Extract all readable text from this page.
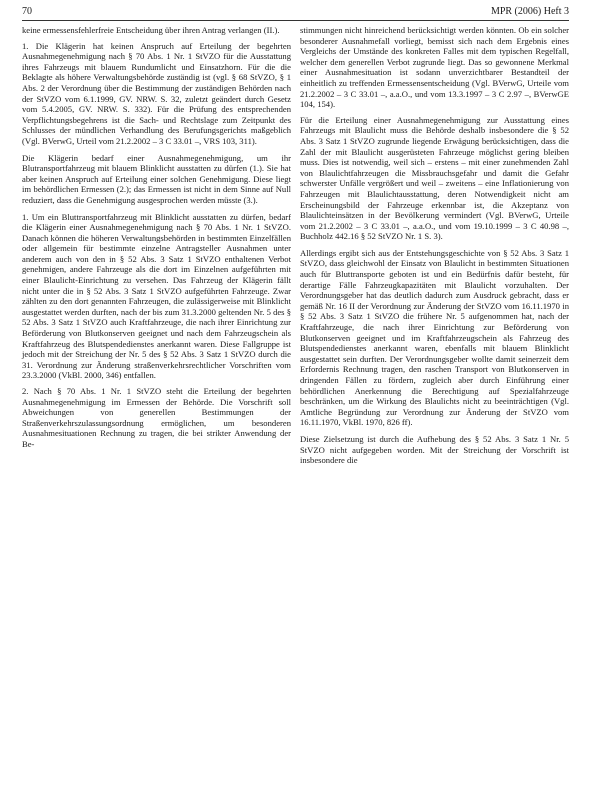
70	MPR (2006) Heft 3

keine ermessensfehlerfreie Entscheidung über ihren Antrag verlangen (II.).

1. Die Klägerin hat keinen Anspruch auf Erteilung der begehrten Ausnahmegenehmigung nach § 70 Abs. 1 Nr. 1 StVZO für die Ausstattung ihres Fahrzeugs mit blauem Rundumlicht und Einsatzhorn. Für die die Beklagte als höhere Verwaltungsbehörde zuständig ist (vgl. § 68 StVZO, § 1 Abs. 2 der Verordnung über die Bestimmung der zuständigen Behörden nach der StVZO vom 6.1.1999, GV. NRW. S. 32, zuletzt geändert durch Gesetz vom 5.4.2005, GV. NRW. S. 332). Für die Prüfung des entsprechenden Verpflichtungsbegehrens ist die Sach- und Rechtslage zum Zeitpunkt des Schlusses der mündlichen Verhandlung des Berufungsgerichts maßgeblich (Vgl. BVerwG, Urteil vom 21.2.2002 – 3 C 33.01 –, VRS 103, 311).

Die Klägerin bedarf einer Ausnahmegenehmigung, um ihr Blutransportfahrzeug mit blauem Blinklicht ausstatten zu dürfen (1.). Sie hat aber keinen Anspruch auf Erteilung einer solchen Genehmigung. Diese liegt im behördlichen Ermessen (2.); das Ermessen ist nicht in dem Sinne auf Null reduziert, dass die Genehmigung ausgesprochen werden müsste (3.).

1. Um ein Bluttransportfahrzeug mit Blinklicht ausstatten zu dürfen, bedarf die Klägerin einer Ausnahmegenehmigung nach § 70 Abs. 1 Nr. 1 StVZO. Danach können die höheren Verwaltungsbehörden in bestimmten Einzelfällen oder allgemein für bestimmte einzelne Antragsteller Ausnahmen unter anderem auch von den in § 52 Abs. 3 Satz 1 StVZO enthaltenen Verbot genehmigen, andere Fahrzeuge als die dort im Einzelnen aufgeführten mit einer Blaulicht-Einrichtung zu versehen. Das Fahrzeug der Klägerin fällt nicht unter die in § 52 Abs. 3 Satz 1 StVZO aufgeführten Fahrzeuge. Zwar zählten zu den dort genannten Fahrzeugen, die zulässigerweise mit Blinklicht ausgestattet werden durften, nach der bis zum 31.3.2000 geltenden Nr. 5 des § 52 Abs. 3 Satz 1 StVZO auch Kraftfahrzeuge, die nach ihrer Einrichtung zur Beförderung von Blutkonserven geeignet und nach dem Fahrzeugschein als Kraftfahrzeug des Blutspendedienstes anerkannt waren. Diese Fallgruppe ist jedoch mit der Streichung der Nr. 5 des § 52 Abs. 3 Satz 1 StVZO durch die 31. Verordnung zur Änderung straßenverkehrsrechtlicher Vorschriften vom 23.3.2000 (VkBl. 2000, 346) entfallen.

2. Nach § 70 Abs. 1 Nr. 1 StVZO steht die Erteilung der begehrten Ausnahmegenehmigung im Ermessen der Behörde. Die Vorschrift soll Abweichungen von generellen Bestimmungen der Straßenverkehrszulassungsordnung ermöglichen, um besonderen Ausnahmesituationen Rechnung zu tragen, die bei strikter Anwendung der Be-

stimmungen nicht hinreichend berücksichtigt werden könnten. Ob ein solcher besonderer Ausnahmefall vorliegt, bemisst sich nach dem Ergebnis eines Vergleichs der Umstände des konkreten Falles mit dem typischen Regelfall, welcher dem generellen Verbot zugrunde liegt. Das so gewonnene Merkmal einer Ausnahmesituation ist sodann unverzichtbarer Bestandteil der einheitlich zu treffenden Ermessensentscheidung (Vgl. BVerwG, Urteile vom 21.2.2002 – 3 C 33.01 –, a.a.O., und vom 13.3.1997 – 3 C 2.97 –, BVerwGE 104, 154).

Für die Erteilung einer Ausnahmegenehmigung zur Ausstattung eines Fahrzeugs mit Blaulicht muss die Behörde deshalb insbesondere die § 52 Abs. 3 Satz 1 StVZO zugrunde liegende Erwägung berücksichtigen, dass die Zahl der mit Blaulicht ausgerüsteten Fahrzeuge möglichst gering bleiben muss. Dies ist notwendig, weil sich – erstens – mit einer zunehmenden Zahl von Blaulichtfahrzeugen die Missbrauchsgefahr und damit die Gefahr schwerster Unfälle vergrößert und weil – zweitens – eine Inflationierung von Fahrzeugen mit Blaulichtausstattung, deren Notwendigkeit nicht am Erscheinungsbild der Fahrzeuge erkennbar ist, die Akzeptanz von Blaulichteinsätzen in der Bevölkerung vermindert (Vgl. BVerwG, Urteile vom 21.2.2002 – 3 C 33.01 –, a.a.O., und vom 19.10.1999 – 3 C 40.98 –, Buchholz 442.16 § 52 StVZO Nr. 1 S. 3).

Allerdings ergibt sich aus der Entstehungsgeschichte von § 52 Abs. 3 Satz 1 StVZO, dass gleichwohl der Einsatz von Blaulicht in bestimmten Situationen auch für Bluttransporte geboten ist und ein Bedürfnis dafür besteht, für derartige Fälle Fahrzeugkapazitäten mit Blaulicht vorzuhalten. Der Verordnungsgeber hat das deutlich dadurch zum Ausdruck gebracht, dass er gemäß Nr. 16 II der Verordnung zur Änderung der StVZO vom 16.11.1970 in § 52 Abs. 3 Satz 1 StVZO die frühere Nr. 5 aufgenommen hat, nach der Kraftfahrzeuge, die nach ihrer Einrichtung zur Beförderung von Blutkonserven geeignet und im Kraftfahrzeugschein als Fahrzeug des Blutspendedienstes anerkannt waren, ebenfalls mit blauem Blinklicht ausgestattet sein durften. Der Verordnungsgeber wollte damit seinerzeit dem Erfordernis Rechnung tragen, den raschen Transport von Blutkonserven in dringenden Fällen zu fördern, zugleich aber durch Einführung einer behördlichen Anerkennung die Berechtigung auf Spezialfahrzeuge beschränken, um die Wirkung des Blaulichts nicht zu beeinträchtigen (Vgl. Amtliche Begründung zur Verordnung zur Änderung der StVZO vom 16.11.1970, VkBl. 1970, 826 ff).

Diese Zielsetzung ist durch die Aufhebung des § 52 Abs. 3 Satz 1 Nr. 5 StVZO nicht aufgegeben worden. Mit der Streichung der Vorschrift ist insbesondere die
